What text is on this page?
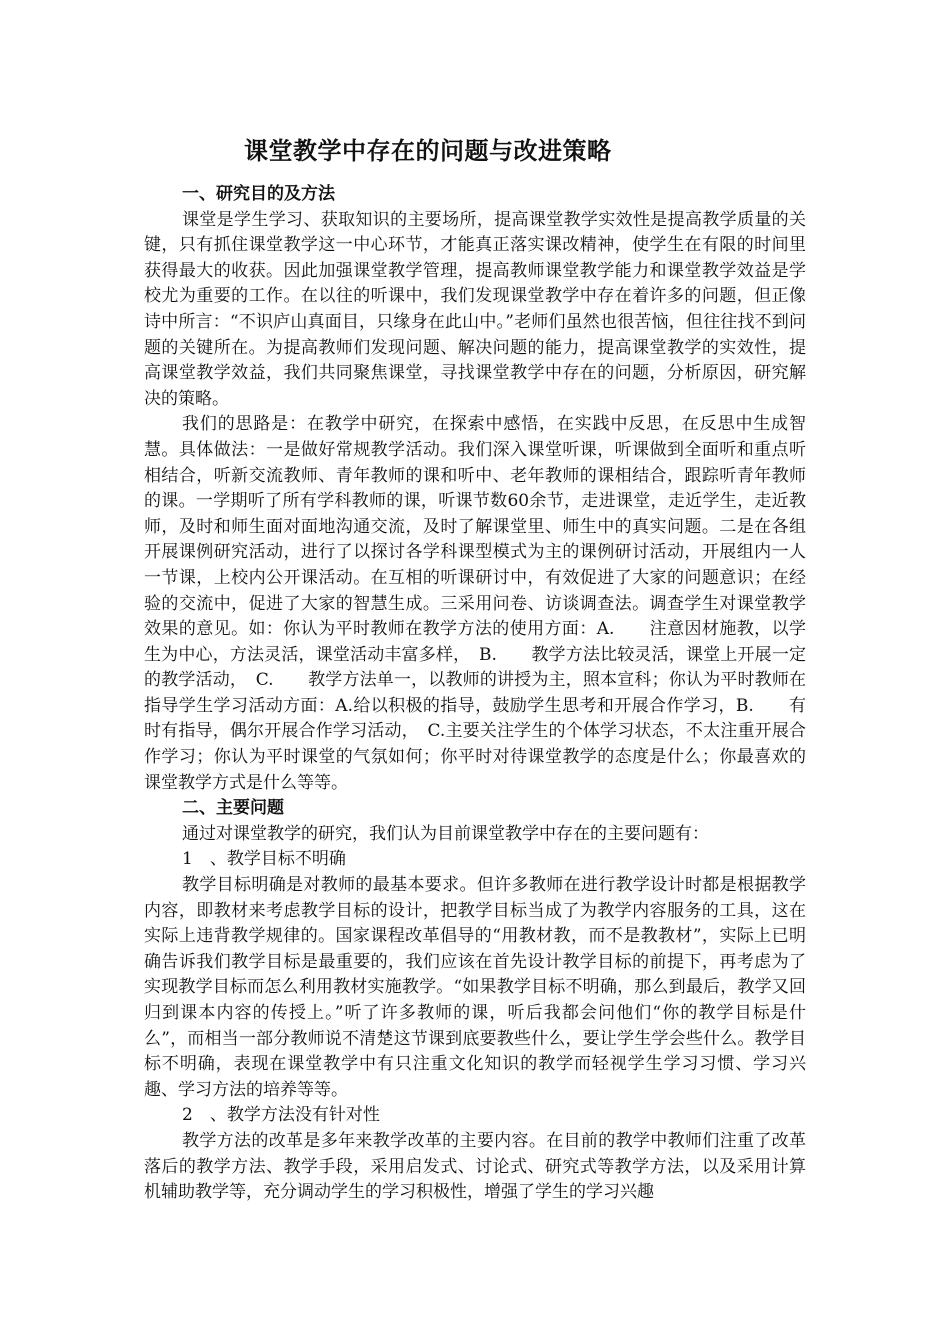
课堂教学中存在的问题与改进策略

一、研究目的及方法

课堂是学生学习、获取知识的主要场所，提高课堂教学实效性是提高教学质量的关键，只有抓住课堂教学这一中心环节，才能真正落实课改精神，使学生在有限的时间里获得最大的收获。因此加强课堂教学管理，提高教师课堂教学能力和课堂教学效益是学校尤为重要的工作。在以往的听课中，我们发现课堂教学中存在着许多的问题，但正像诗中所言：“不识庐山真面目，只缘身在此山中。”老师们虽然也很苦恼，但往往找不到问题的关键所在。为提高教师们发现问题、解决问题的能力，提高课堂教学的实效性，提高课堂教学效益，我们共同聚焦课堂，寻找课堂教学中存在的问题，分析原因，研究解决的策略。

我们的思路是：在教学中研究，在探索中感悟，在实践中反思，在反思中生成智慧。具体做法：一是做好常规教学活动。我们深入课堂听课，听课做到全面听和重点听相结合，听新交流教师、青年教师的课和听中、老年教师的课相结合，跟踪听青年教师的课。一学期听了所有学科教师的课，听课节数60余节，走进课堂，走近学生，走近教师，及时和师生面对面地沟通交流，及时了解课堂里、师生中的真实问题。二是在各组开展课例研究活动，进行了以探讨各学科课型模式为主的课例研讨活动，开展组内一人一节课，上校内公开课活动。在互相的听课研讨中，有效促进了大家的问题意识；在经验的交流中，促进了大家的智慧生成。三采用问卷、访谈调查法。调查学生对课堂教学效果的意见。如：你认为平时教师在教学方法的使用方面：A.　　注意因材施教，以学生为中心，方法灵活，课堂活动丰富多样，　B.　　教学方法比较灵活，课堂上开展一定的教学活动，　C.　　教学方法单一，以教师的讲授为主，照本宣科；你认为平时教师在指导学生学习活动方面：A.给以积极的指导，鼓励学生思考和开展合作学习，B.　　有时有指导，偶尔开展合作学习活动，　C.主要关注学生的个体学习状态，不太注重开展合作学习；你认为平时课堂的气氛如何；你平时对待课堂教学的态度是什么；你最喜欢的课堂教学方式是什么等等。

二、主要问题

通过对课堂教学的研究，我们认为目前课堂教学中存在的主要问题有：

1　、教学目标不明确

教学目标明确是对教师的最基本要求。但许多教师在进行教学设计时都是根据教学内容，即教材来考虑教学目标的设计，把教学目标当成了为教学内容服务的工具，这在实际上违背教学规律的。国家课程改革倡导的“用教材教，而不是教教材”，实际上已明确告诉我们教学目标是最重要的，我们应该在首先设计教学目标的前提下，再考虑为了实现教学目标而怎么利用教材实施教学。“如果教学目标不明确，那么到最后，教学又回归到课本内容的传授上。”听了许多教师的课，听后我都会问他们“你的教学目标是什么”，而相当一部分教师说不清楚这节课到底要教些什么，要让学生学会些什么。教学目标不明确，表现在课堂教学中有只注重文化知识的教学而轻视学生学习习惯、学习兴趣、学习方法的培养等等。

2　、教学方法没有针对性

教学方法的改革是多年来教学改革的主要内容。在目前的教学中教师们注重了改革落后的教学方法、教学手段，采用启发式、讨论式、研究式等教学方法，以及采用计算机辅助教学等，充分调动学生的学习积极性，增强了学生的学习兴趣
